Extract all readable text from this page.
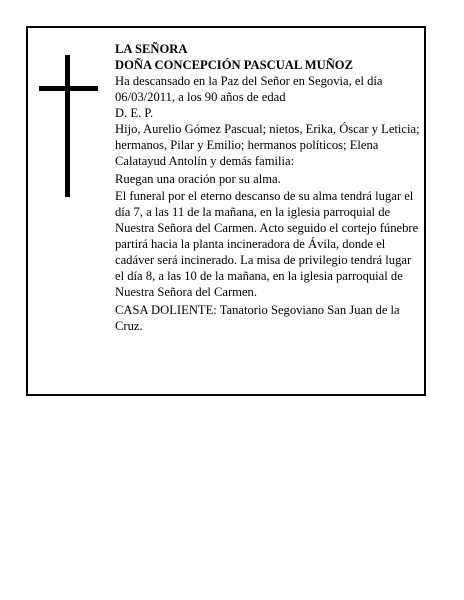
LA SEÑORA

DOÑA CONCEPCIÓN PASCUAL MUÑOZ

Ha descansado en la Paz del Señor en Segovia, el día 06/03/2011, a los 90 años de edad

D. E. P.

Hijo, Aurelio Gómez Pascual; nietos, Erika, Óscar y Leticia; hermanos, Pilar y Emilio; hermanos políticos; Elena Calatayud Antolín y demás familia:

Ruegan una oración por su alma.

El funeral por el eterno descanso de su alma tendrá lugar el día 7, a las 11 de la mañana, en la iglesia parroquial de Nuestra Señora del Carmen. Acto seguido el cortejo fúnebre partirá hacia la planta incineradora de Ávila, donde el cadáver será incinerado. La misa de privilegio tendrá lugar el día 8, a las 10 de la mañana, en la iglesia parroquial de Nuestra Señora del Carmen.

CASA DOLIENTE: Tanatorio Segoviano San Juan de la Cruz.
